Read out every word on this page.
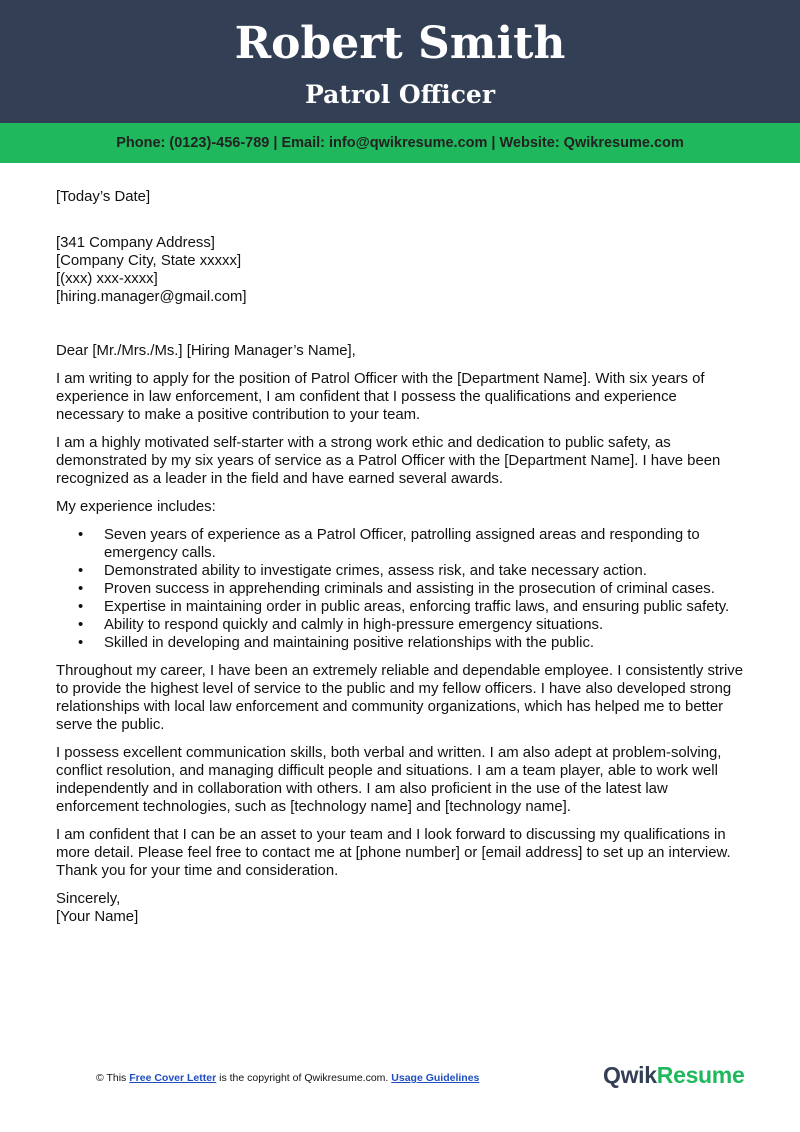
Robert Smith
Patrol Officer
Phone: (0123)-456-789 | Email: info@qwikresume.com | Website: Qwikresume.com

[Today’s Date]

[341 Company Address]

[Company City, State xxxxx]

[(xxx) xxx-xxxx]

[hiring.manager@gmail.com]

Dear [Mr./Mrs./Ms.] [Hiring Manager’s Name],

I am writing to apply for the position of Patrol Officer with the [Department Name]. With six years of experience in law enforcement, I am confident that I possess the qualifications and experience necessary to make a positive contribution to your team.

I am a highly motivated self-starter with a strong work ethic and dedication to public safety, as demonstrated by my six years of service as a Patrol Officer with the [Department Name]. I have been recognized as a leader in the field and have earned several awards.

My experience includes:

• Seven years of experience as a Patrol Officer, patrolling assigned areas and responding to emergency calls.
• Demonstrated ability to investigate crimes, assess risk, and take necessary action.
• Proven success in apprehending criminals and assisting in the prosecution of criminal cases.
• Expertise in maintaining order in public areas, enforcing traffic laws, and ensuring public safety.
• Ability to respond quickly and calmly in high-pressure emergency situations.
• Skilled in developing and maintaining positive relationships with the public.

Throughout my career, I have been an extremely reliable and dependable employee. I consistently strive to provide the highest level of service to the public and my fellow officers. I have also developed strong relationships with local law enforcement and community organizations, which has helped me to better serve the public.

I possess excellent communication skills, both verbal and written. I am also adept at problem-solving, conflict resolution, and managing difficult people and situations. I am a team player, able to work well independently and in collaboration with others. I am also proficient in the use of the latest law enforcement technologies, such as [technology name] and [technology name].

I am confident that I can be an asset to your team and I look forward to discussing my qualifications in more detail. Please feel free to contact me at [phone number] or [email address] to set up an interview. Thank you for your time and consideration.

Sincerely,

[Your Name]

© This Free Cover Letter is the copyright of Qwikresume.com. Usage Guidelines	QwikResume
